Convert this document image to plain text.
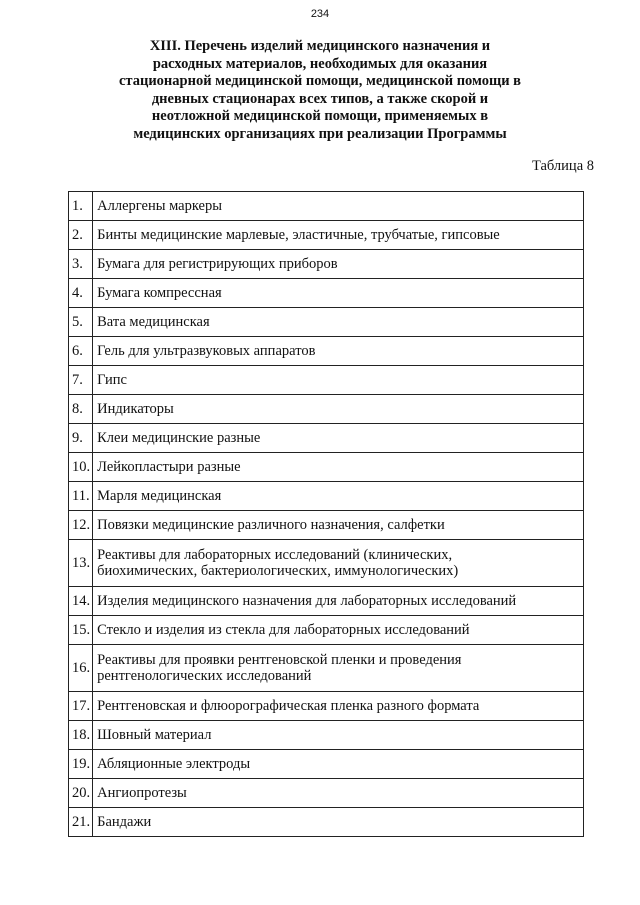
234
XIII. Перечень изделий медицинского назначения и
расходных материалов, необходимых для оказания
стационарной медицинской помощи, медицинской помощи в
дневных стационарах всех типов, а также скорой и
неотложной медицинской помощи, применяемых в
медицинских организациях при реализации Программы
Таблица 8
1.	Аллергены маркеры

2.	Бинты медицинские марлевые, эластичные, трубчатые, гипсовые

3.	Бумага для регистрирующих приборов

4.	Бумага компрессная

5.	Вата медицинская

6.	Гель для ультразвуковых аппаратов

7.	Гипс

8.	Индикаторы

9.	Клеи медицинские разные

10.	Лейкопластыри разные

11.	Марля медицинская

12.	Повязки медицинские различного назначения, салфетки

13.	Реактивы для лабораторных исследований (клинических,
биохимических, бактериологических, иммунологических)

14.	Изделия медицинского назначения для лабораторных исследований

15.	Стекло и изделия из стекла для лабораторных исследований

16.	Реактивы для проявки рентгеновской пленки и проведения
рентгенологических исследований

17.	Рентгеновская и флюорографическая пленка разного формата

18.	Шовный материал

19.	Абляционные электроды

20.	Ангиопротезы

21.	Бандажи
